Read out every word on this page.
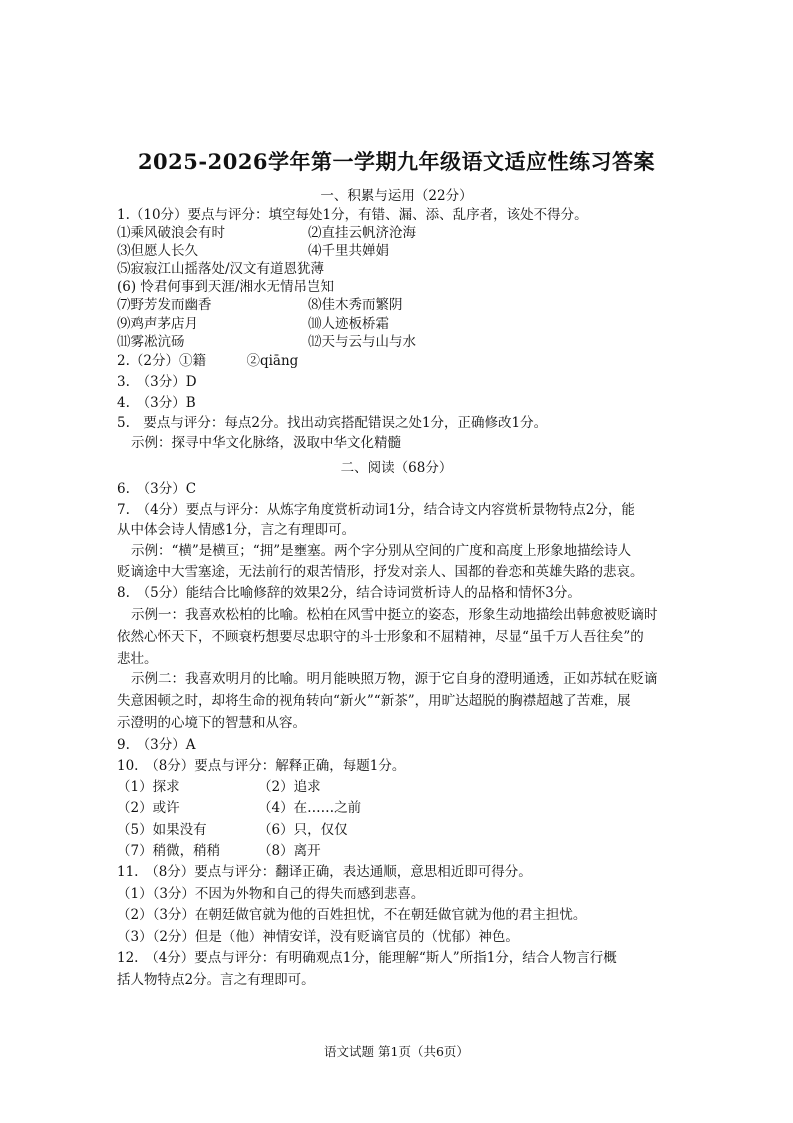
2025-2026学年第一学期九年级语文适应性练习答案
一、积累与运用（22分）
1.（10分）要点与评分：填空每处1分，有错、漏、添、乱序者，该处不得分。
⑴乘风破浪会有时	⑵直挂云帆济沧海
⑶但愿人长久	⑷千里共婵娟
⑸寂寂江山摇落处/汉文有道恩犹薄
(6) 怜君何事到天涯/湘水无情吊岂知
⑺野芳发而幽香	⑻佳木秀而繁阴
⑼鸡声茅店月	⑽人迹板桥霜
⑾雾凇沆砀	⑿天与云与山与水
2.（2分）①籍　　　②qiāng
3.　（3分）D
4.　（3分）B
5.　要点与评分：每点2分。找出动宾搭配错误之处1分，正确修改1分。
示例：探寻中华文化脉络，汲取中华文化精髓
二、阅读（68分）
6.　（3分）C
7.　（4分）要点与评分：从炼字角度赏析动词1分，结合诗文内容赏析景物特点2分，能
从中体会诗人情感1分，言之有理即可。
示例：“横”是横亘；“拥”是壅塞。两个字分别从空间的广度和高度上形象地描绘诗人
贬谪途中大雪塞途，无法前行的艰苦情形，抒发对亲人、国都的眷恋和英雄失路的悲哀。
8.　（5分）能结合比喻修辞的效果2分，结合诗词赏析诗人的品格和情怀3分。
示例一：我喜欢松柏的比喻。松柏在风雪中挺立的姿态，形象生动地描绘出韩愈被贬谪时
依然心怀天下，不顾衰朽想要尽忠职守的斗士形象和不屈精神，尽显“虽千万人吾往矣”的
悲壮。
示例二：我喜欢明月的比喻。明月能映照万物，源于它自身的澄明通透，正如苏轼在贬谪
失意困顿之时，却将生命的视角转向“新火”“新茶”，用旷达超脱的胸襟超越了苦难，展
示澄明的心境下的智慧和从容。
9.　（3分）A
10.　（8分）要点与评分：解释正确，每题1分。
（1）探求	（2）追求
（2）或许	（4）在……之前
（5）如果没有	（6）只，仅仅
（7）稍微，稍稍	（8）离开
11.　（8分）要点与评分：翻译正确，表达通顺，意思相近即可得分。
（1）（3分）不因为外物和自己的得失而感到悲喜。
（2）（3分）在朝廷做官就为他的百姓担忧，不在朝廷做官就为他的君主担忧。
（3）（2分）但是（他）神情安详，没有贬谪官员的（忧郁）神色。
12.　（4分）要点与评分：有明确观点1分，能理解“斯人”所指1分，结合人物言行概
括人物特点2分。言之有理即可。
语文试题 第1页（共6页）
